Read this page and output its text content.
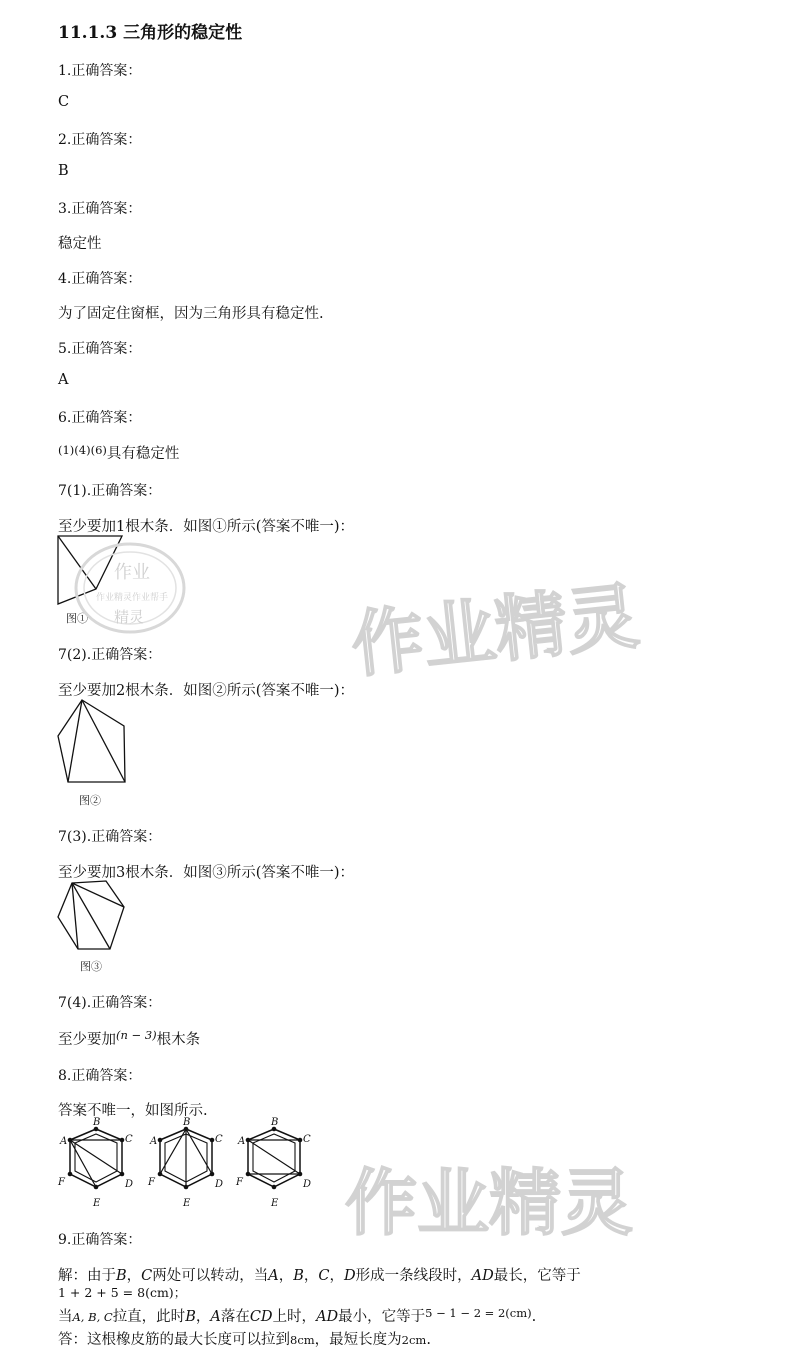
11.1.3 三角形的稳定性
1.正确答案：
C
2.正确答案：
B
3.正确答案：
稳定性
4.正确答案：
为了固定住窗框，因为三角形具有稳定性.
5.正确答案：
A
6.正确答案：
$^{(1)(4)(6)}$具有稳定性
7(1).正确答案：
至少要加1根木条．如图①所示(答案不唯一)：
图①
作业
作业精灵作业帮手
精灵	作业精灵
7(2).正确答案：
至少要加2根木条．如图②所示(答案不唯一)：
图②
7(3).正确答案：
至少要加3根木条．如图③所示(答案不唯一)：
图③
7(4).正确答案：
至少要加$^{(n - 3)}$根木条
8.正确答案：
答案不唯一，如图所示.
A
B
C
D
E
F
A
B
C
D
E
F
A
B
C
D
E
F 作业精灵
9.正确答案：
解：由于B，C两处可以转动，当A，B，C，D形成一条线段时，AD最长，它等于
1 + 2 + 5 = 8(cm)；
当A, B, C拉直，此时B，A落在CD上时，AD最小，它等于$^{5 - 1 - 2 = 2(cm)}$.
答：这根橡皮筋的最大长度可以拉到8cm，最短长度为2cm.
